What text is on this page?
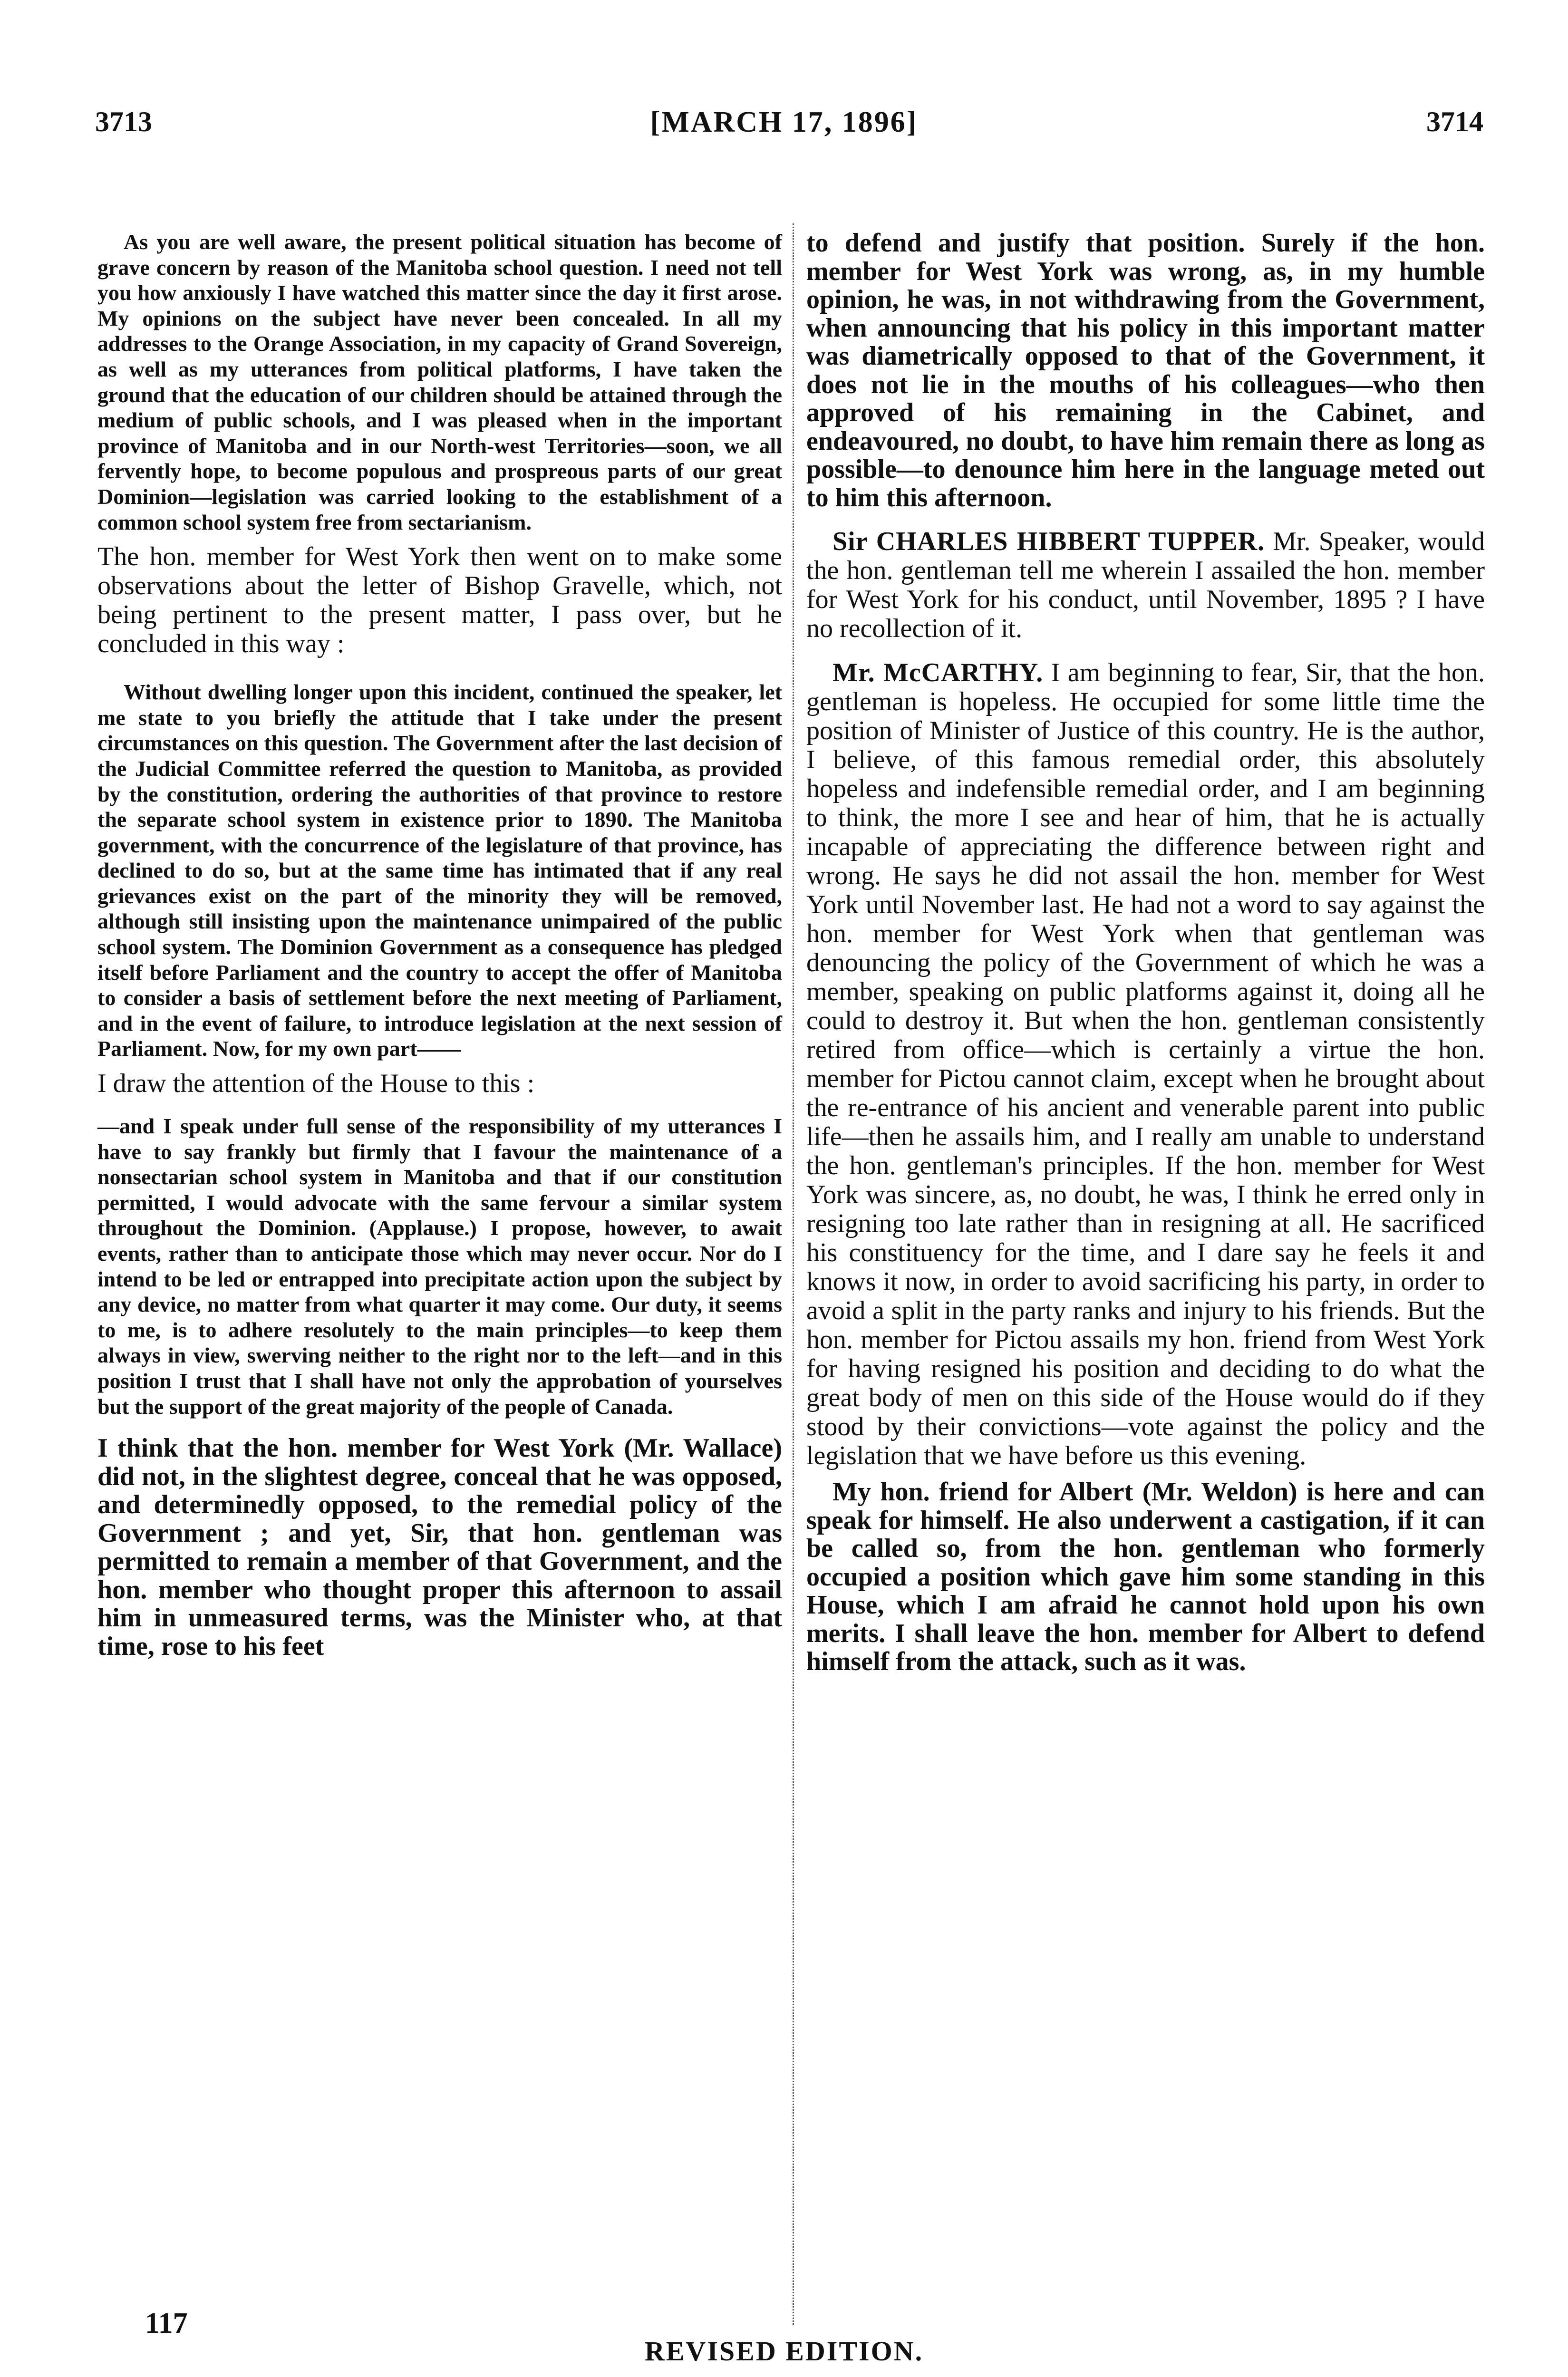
3713	[MARCH 17, 1896]	3714

As you are well aware, the present political situation has become of grave concern by reason of the Manitoba school question. I need not tell you how anxiously I have watched this matter since the day it first arose. My opinions on the subject have never been concealed. In all my addresses to the Orange Association, in my capacity of Grand Sovereign, as well as my utterances from political platforms, I have taken the ground that the education of our children should be attained through the medium of public schools, and I was pleased when in the important province of Manitoba and in our North-west Territories—soon, we all fervently hope, to become populous and prospreous parts of our great Dominion—legislation was carried looking to the establishment of a common school system free from sectarianism.

The hon. member for West York then went on to make some observations about the letter of Bishop Gravelle, which, not being pertinent to the present matter, I pass over, but he concluded in this way :

Without dwelling longer upon this incident, continued the speaker, let me state to you briefly the attitude that I take under the present circumstances on this question. The Government after the last decision of the Judicial Committee referred the question to Manitoba, as provided by the constitution, ordering the authorities of that province to restore the separate school system in existence prior to 1890. The Manitoba government, with the concurrence of the legislature of that province, has declined to do so, but at the same time has intimated that if any real grievances exist on the part of the minority they will be removed, although still insisting upon the maintenance unimpaired of the public school system. The Dominion Government as a consequence has pledged itself before Parliament and the country to accept the offer of Manitoba to consider a basis of settlement before the next meeting of Parliament, and in the event of failure, to introduce legislation at the next session of Parliament. Now, for my own part——

I draw the attention of the House to this :

—and I speak under full sense of the responsibility of my utterances I have to say frankly but firmly that I favour the maintenance of a nonsectarian school system in Manitoba and that if our constitution permitted, I would advocate with the same fervour a similar system throughout the Dominion. (Applause.) I propose, however, to await events, rather than to anticipate those which may never occur. Nor do I intend to be led or entrapped into precipitate action upon the subject by any device, no matter from what quarter it may come. Our duty, it seems to me, is to adhere resolutely to the main principles—to keep them always in view, swerving neither to the right nor to the left—and in this position I trust that I shall have not only the approbation of yourselves but the support of the great majority of the people of Canada.

I think that the hon. member for West York (Mr. Wallace) did not, in the slightest degree, conceal that he was opposed, and determinedly opposed, to the remedial policy of the Government ; and yet, Sir, that hon. gentleman was permitted to remain a member of that Government, and the hon. member who thought proper this afternoon to assail him in unmeasured terms, was the Minister who, at that time, rose to his feet

to defend and justify that position. Surely if the hon. member for West York was wrong, as, in my humble opinion, he was, in not withdrawing from the Government, when announcing that his policy in this important matter was diametrically opposed to that of the Government, it does not lie in the mouths of his colleagues—who then approved of his remaining in the Cabinet, and endeavoured, no doubt, to have him remain there as long as possible—to denounce him here in the language meted out to him this afternoon.

Sir CHARLES HIBBERT TUPPER. Mr. Speaker, would the hon. gentleman tell me wherein I assailed the hon. member for West York for his conduct, until November, 1895 ? I have no recollection of it.

Mr. McCARTHY. I am beginning to fear, Sir, that the hon. gentleman is hopeless. He occupied for some little time the position of Minister of Justice of this country. He is the author, I believe, of this famous remedial order, this absolutely hopeless and indefensible remedial order, and I am beginning to think, the more I see and hear of him, that he is actually incapable of appreciating the difference between right and wrong. He says he did not assail the hon. member for West York until November last. He had not a word to say against the hon. member for West York when that gentleman was denouncing the policy of the Government of which he was a member, speaking on public platforms against it, doing all he could to destroy it. But when the hon. gentleman consistently retired from office—which is certainly a virtue the hon. member for Pictou cannot claim, except when he brought about the re-entrance of his ancient and venerable parent into public life—then he assails him, and I really am unable to understand the hon. gentleman's principles. If the hon. member for West York was sincere, as, no doubt, he was, I think he erred only in resigning too late rather than in resigning at all. He sacrificed his constituency for the time, and I dare say he feels it and knows it now, in order to avoid sacrificing his party, in order to avoid a split in the party ranks and injury to his friends. But the hon. member for Pictou assails my hon. friend from West York for having resigned his position and deciding to do what the great body of men on this side of the House would do if they stood by their convictions—vote against the policy and the legislation that we have before us this evening.

My hon. friend for Albert (Mr. Weldon) is here and can speak for himself. He also underwent a castigation, if it can be called so, from the hon. gentleman who formerly occupied a position which gave him some standing in this House, which I am afraid he cannot hold upon his own merits. I shall leave the hon. member for Albert to defend himself from the attack, such as it was.

117
REVISED EDITION.
